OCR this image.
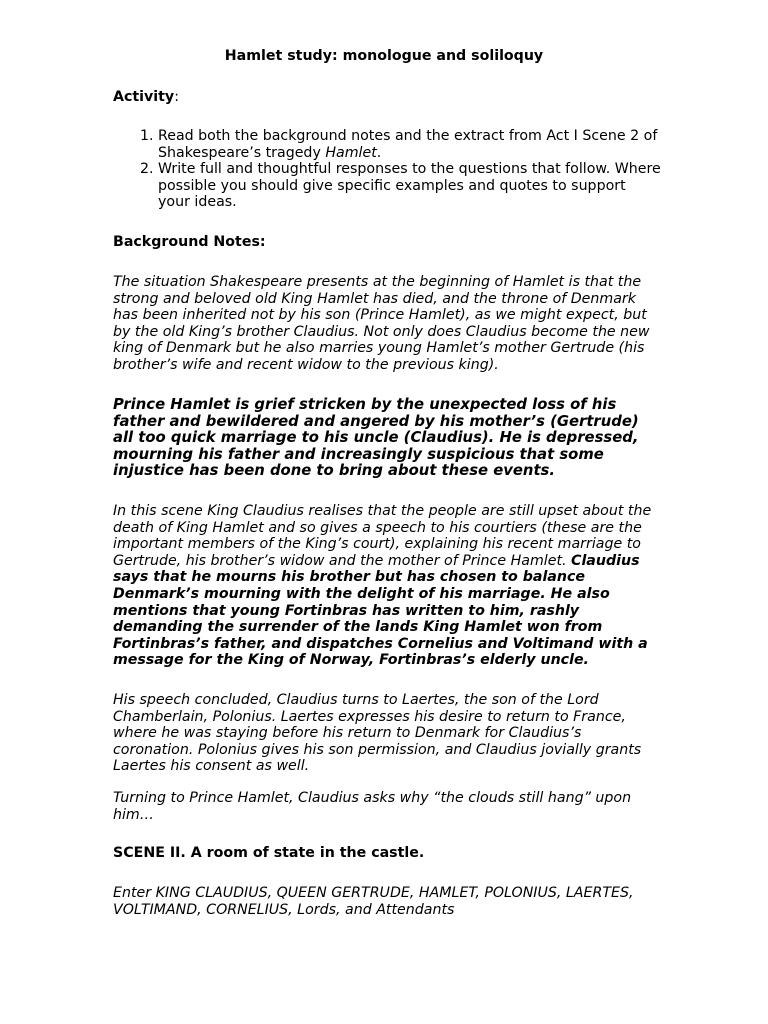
Hamlet study: monologue and soliloquy
Activity:
1. Read both the background notes and the extract from Act I Scene 2 of Shakespeare’s tragedy Hamlet.
2. Write full and thoughtful responses to the questions that follow. Where possible you should give specific examples and quotes to support your ideas.
Background Notes:

The situation Shakespeare presents at the beginning of Hamlet is that the strong and beloved old King Hamlet has died, and the throne of Denmark has been inherited not by his son (Prince Hamlet), as we might expect, but by the old King’s brother Claudius. Not only does Claudius become the new king of Denmark but he also marries young Hamlet’s mother Gertrude (his brother’s wife and recent widow to the previous king).

Prince Hamlet is grief stricken by the unexpected loss of his father and bewildered and angered by his mother’s (Gertrude) all too quick marriage to his uncle (Claudius). He is depressed, mourning his father and increasingly suspicious that some injustice has been done to bring about these events.

In this scene King Claudius realises that the people are still upset about the death of King Hamlet and so gives a speech to his courtiers (these are the important members of the King’s court), explaining his recent marriage to Gertrude, his brother’s widow and the mother of Prince Hamlet. Claudius says that he mourns his brother but has chosen to balance Denmark’s mourning with the delight of his marriage. He also mentions that young Fortinbras has written to him, rashly demanding the surrender of the lands King Hamlet won from Fortinbras’s father, and dispatches Cornelius and Voltimand with a message for the King of Norway, Fortinbras’s elderly uncle.

His speech concluded, Claudius turns to Laertes, the son of the Lord Chamberlain, Polonius. Laertes expresses his desire to return to France, where he was staying before his return to Denmark for Claudius’s coronation. Polonius gives his son permission, and Claudius jovially grants Laertes his consent as well.

Turning to Prince Hamlet, Claudius asks why “the clouds still hang” upon him…

SCENE II. A room of state in the castle.

Enter KING CLAUDIUS, QUEEN GERTRUDE, HAMLET, POLONIUS, LAERTES, VOLTIMAND, CORNELIUS, Lords, and Attendants
